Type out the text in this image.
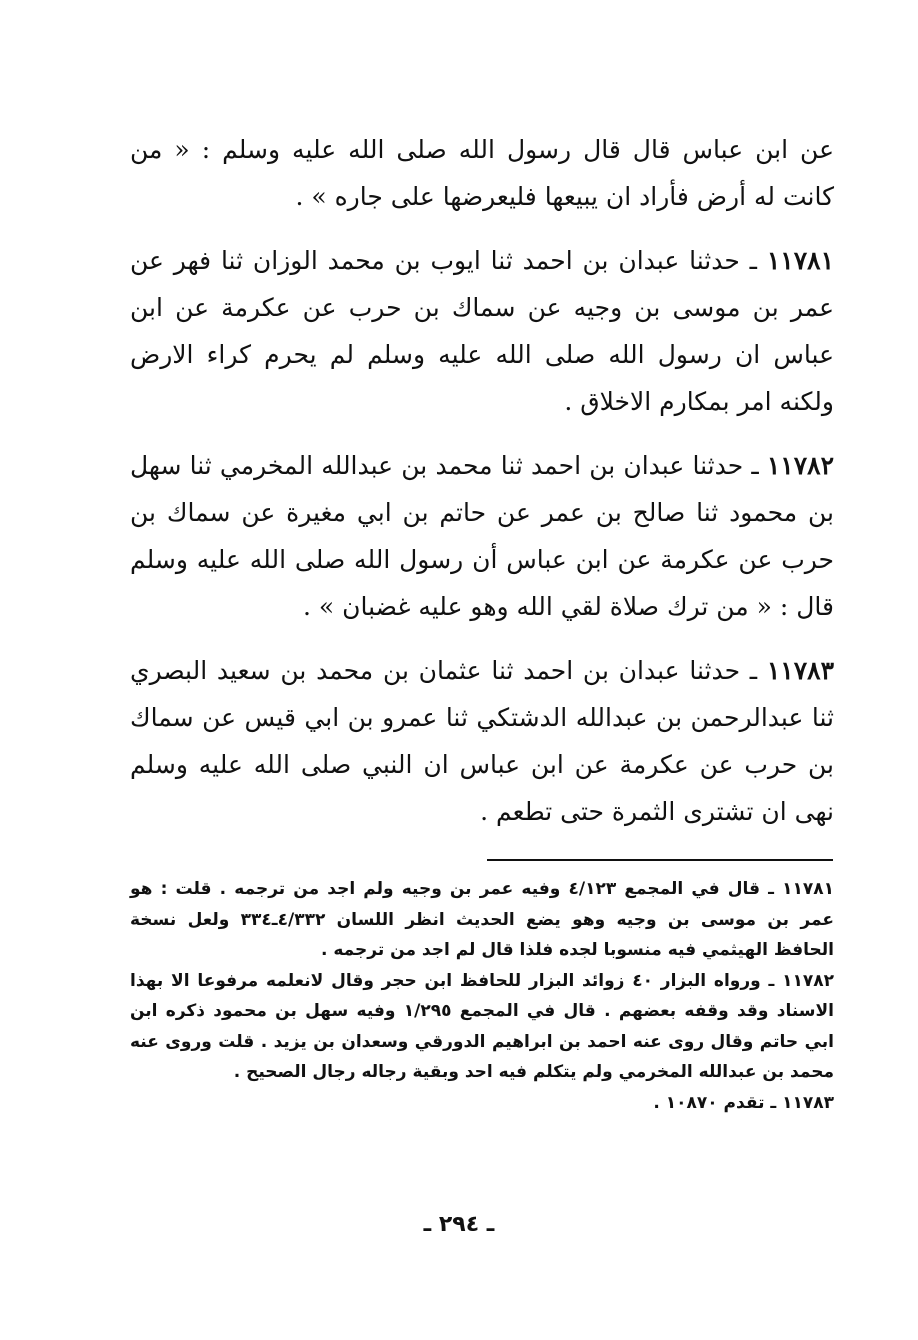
عن ابن عباس قال قال رسول الله صلى الله عليه وسلم : « من كانت له أرض فأراد ان يبيعها فليعرضها على جاره » .

١١٧٨١ ـ حدثنا عبدان بن احمد ثنا ايوب بن محمد الوزان ثنا فهر عن عمر بن موسى بن وجيه عن سماك بن حرب عن عكرمة عن ابن عباس ان رسول الله صلى الله عليه وسلم لم يحرم كراء الارض ولكنه امر بمكارم الاخلاق .

١١٧٨٢ ـ حدثنا عبدان بن احمد ثنا محمد بن عبدالله المخرمي ثنا سهل بن محمود ثنا صالح بن عمر عن حاتم بن ابي مغيرة عن سماك بن حرب عن عكرمة عن ابن عباس أن رسول الله صلى الله عليه وسلم قال : « من ترك صلاة لقي الله وهو عليه غضبان » .

١١٧٨٣ ـ حدثنا عبدان بن احمد ثنا عثمان بن محمد بن سعيد البصري ثنا عبدالرحمن بن عبدالله الدشتكي ثنا عمرو بن ابي قيس عن سماك بن حرب عن عكرمة عن ابن عباس ان النبي صلى الله عليه وسلم نهى ان تشترى الثمرة حتى تطعم .

١١٧٨١ ـ قال في المجمع ٤/١٢٣ وفيه عمر بن وجيه ولم اجد من ترجمه . قلت : هو عمر بن موسى بن وجيه وهو يضع الحديث انظر اللسان ٤/٣٣٢ـ٣٣٤ ولعل نسخة الحافظ الهيثمي فيه منسوبا لجده فلذا قال لم اجد من ترجمه .

١١٧٨٢ ـ ورواه البزار ٤٠ زوائد البزار للحافظ ابن حجر وقال لانعلمه مرفوعا الا بهذا الاسناد وقد وقفه بعضهم . قال في المجمع ١/٢٩٥ وفيه سهل بن محمود ذكره ابن ابي حاتم وقال روى عنه احمد بن ابراهيم الدورقي وسعدان بن يزيد . قلت وروى عنه محمد بن عبدالله المخرمي ولم يتكلم فيه احد وبقية رجاله رجال الصحيح .

١١٧٨٣ ـ تقدم ١٠٨٧٠ .

ـ ٢٩٤ ـ
